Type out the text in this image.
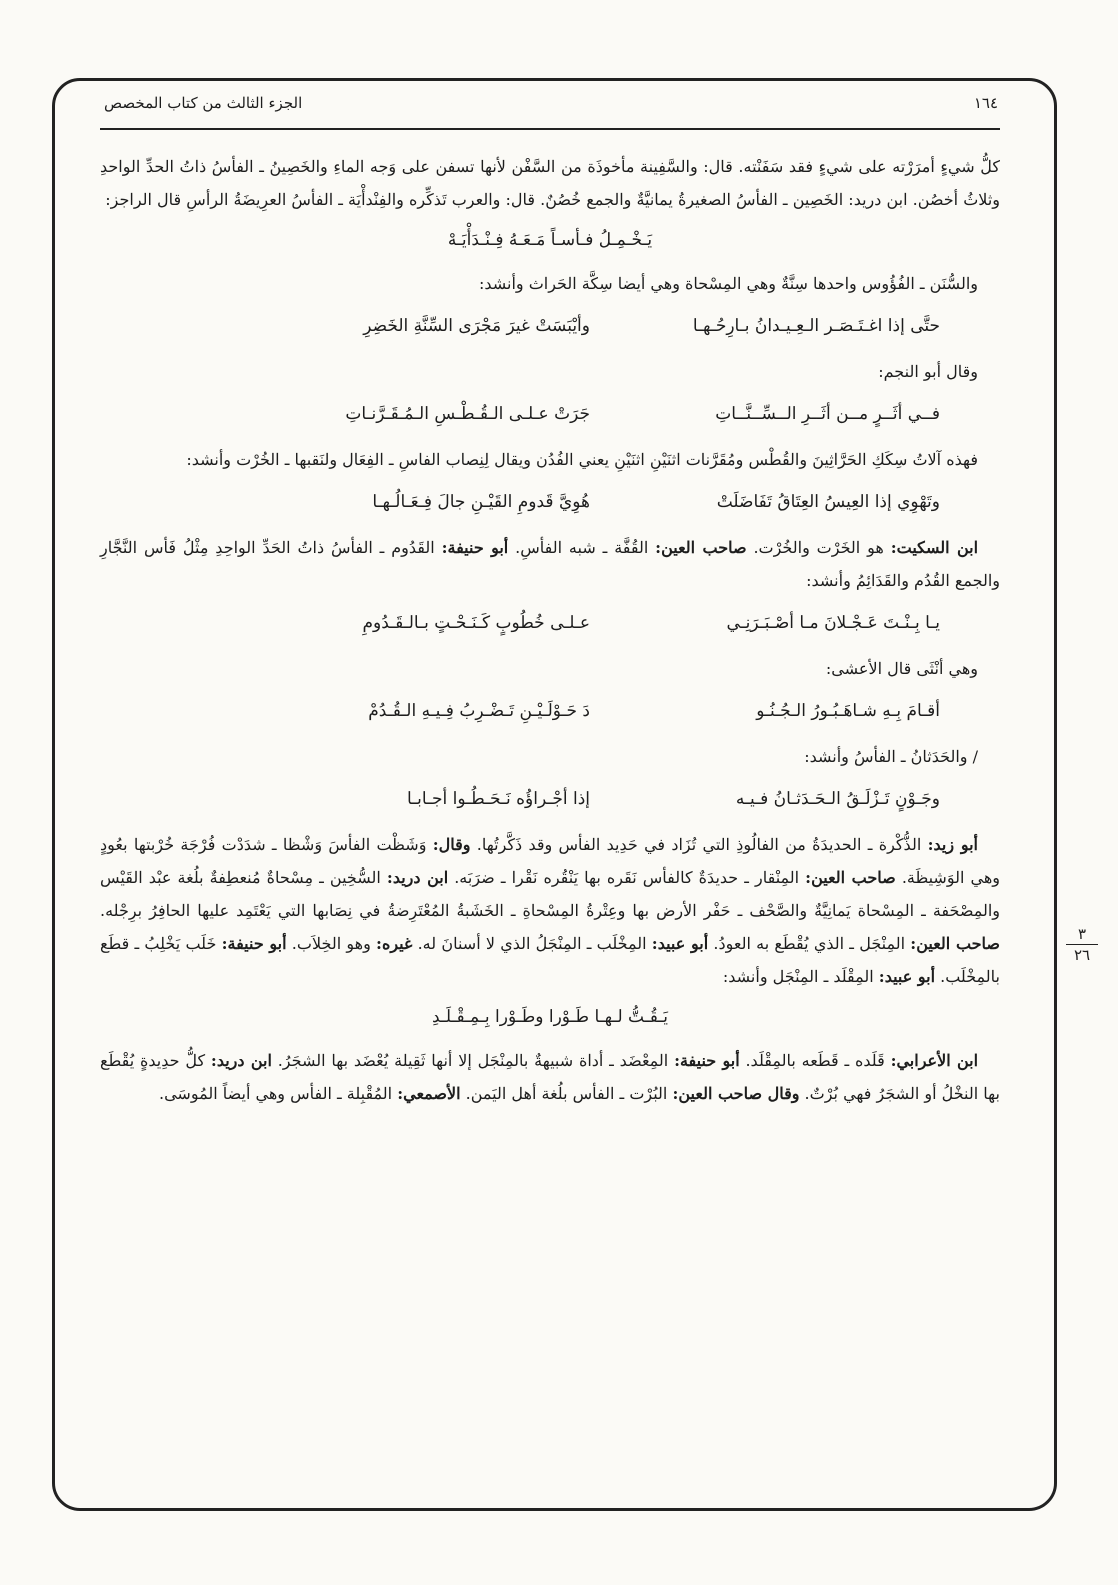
١٦٤
الجزء الثالث من كتاب المخصص
٣
٢٦

كلُّ شيءٍ أمرَرْته على شيءٍ فقد سَفَنْته. قال: والسَّفِينة مأخوذَة من السَّفْن لأنها تسفن على وَجه الماءِ والخَصِينُ ـ الفأسُ ذاتُ الحدِّ الواحدِ وثلاثُ أخصُن. ابن دريد: الخَصِين ـ الفأسُ الصغيرةُ يمانيَّةٌ والجمع خُصُنٌ. قال: والعرب تَذكِّره والفِنْدأْيَة ـ الفأسُ العرِيضَةُ الرأسِ قال الراجز:

يَـخْـمِـلُ فـأسـاً مَـعَـهُ فِـنْـدَأْيَـهْ

والسُّنَن ـ الفُؤُوس واحدها سِنَّةٌ وهي المِسْحاة وهي أيضا سِكَّة الحَراث وأنشد:

حتَّى إذا اغـتَـصَـر الـعِـيـدانُ بـارِحُـهـا
وأيْبَسَتْ غيرَ مَجْرَى السِّنَّةِ الخَضِرِ

وقال أبو النجم:

فــي أثَــرٍ مــن أثَــرِ الــسِّــنَّــاتِ
جَرَتْ عـلـى الـقُـطْـسِ الـمُـقَـرَّنـاتِ

فهذه آلاتُ سِكَكِ الحَرَّاثِينَ والقُطْس ومُقَرَّنات اثنَيْنِ اثنَيْنِ يعني الفُدُن ويقال لِنِصاب الفاسِ ـ الفِعَال ولنَقبها ـ الخُرْت وأنشد:

وتَهْوِي إذا العِيسُ العِتَاقُ تَفَاضَلَتْ
هُوِيَّ قَدومِ القَيْـنِ جالَ فِـعَـالُـهـا

ابن السكيت: هو الخَرْت والخُرْت. صاحب العين: القُفَّة ـ شبه الفأسِ. أبو حنيفة: القَدُوم ـ الفأسُ ذاتُ الحَدِّ الواحِدِ مِثْلُ فَأس النَّجَّارِ والجمع القُدُم والقَدَائِمُ وأنشد:

يـا بِـنْـتَ عَـجْـلانَ مـا أصْـبَـرَنِـي
عـلـى خُطُوبٍ كَـنَـحْـتٍ بـالـقَـدُومِ

وهي أنْثَى قال الأعشى:

أقـامَ بِـهِ شـاهَـبُـورُ الـجُـنُـو
دَ حَـوْلَـيْـنِ تَـضْـرِبُ فِـيـهِ الـقُـدُمْ

/ والحَدَثانُ ـ الفأسُ وأنشد:

وجَـوْنٍ تَـزْلَـقُ الـحَـدَثـانُ فـيـه
إذا أجْـراؤُه نَـحَـطُـوا أجـابـا

أبو زيد: الذُّكْرة ـ الحديدَةُ من الفالُوذِ التي تُزَاد في حَدِيد الفأس وقد ذَكَّرتُها. وقال: وَشَظْت الفأسَ وَشْظا ـ شدَدْت فُرْجَة خُرْبتها بعُودٍ وهي الوَشِيظَة. صاحب العين: المِنْقار ـ حديدَةٌ كالفأس نَقَره بها يَنْقُره نَقْرا ـ ضرَبَه. ابن دريد: السُّخِين ـ مِسْحاةٌ مُنعطِفةٌ بلُغة عبْد القَيْس والمِصْحَفة ـ المِسْحاة يَمانِيَّةٌ والصَّحْف ـ حَفْر الأرض بها وعِتْرةُ المِسْحاةِ ـ الخَشَبةُ المُعْتَرِضةُ في نِصَابها التي يَعْتَمِد عليها الحافِرُ برِجْله. صاحب العين: المِنْجَل ـ الذي يُقْطَع به العودُ. أبو عبيد: المِخْلَب ـ المِنْجَلُ الذي لا أسنانَ له. غيره: وهو الخِلاَب. أبو حنيفة: خَلَب يَخْلِبُ ـ قطَع بالمِخْلَب. أبو عبيد: المِقْلَد ـ المِنْجَل وأنشد:

يَـقُـتُّ لـهـا طَـوْرا وطَـوْرا بِـمِـقْـلَـدِ

ابن الأعرابي: قَلَده ـ قَطَعه بالمِقْلَد. أبو حنيفة: المِعْضَد ـ أداة شبيهةٌ بالمِنْجَل إلا أنها ثَقِيلة يُعْضَد بها الشجَرُ. ابن دريد: كلُّ حدِيدةٍ يُقْطَع بها النخْلُ أو الشجَرُ فهي بُرْتٌ. وقال صاحب العين: البُرْت ـ الفأس بلُغة أهل اليَمن. الأصمعي: المُقْبِلة ـ الفأس وهي أيضاً المُوسَى.
